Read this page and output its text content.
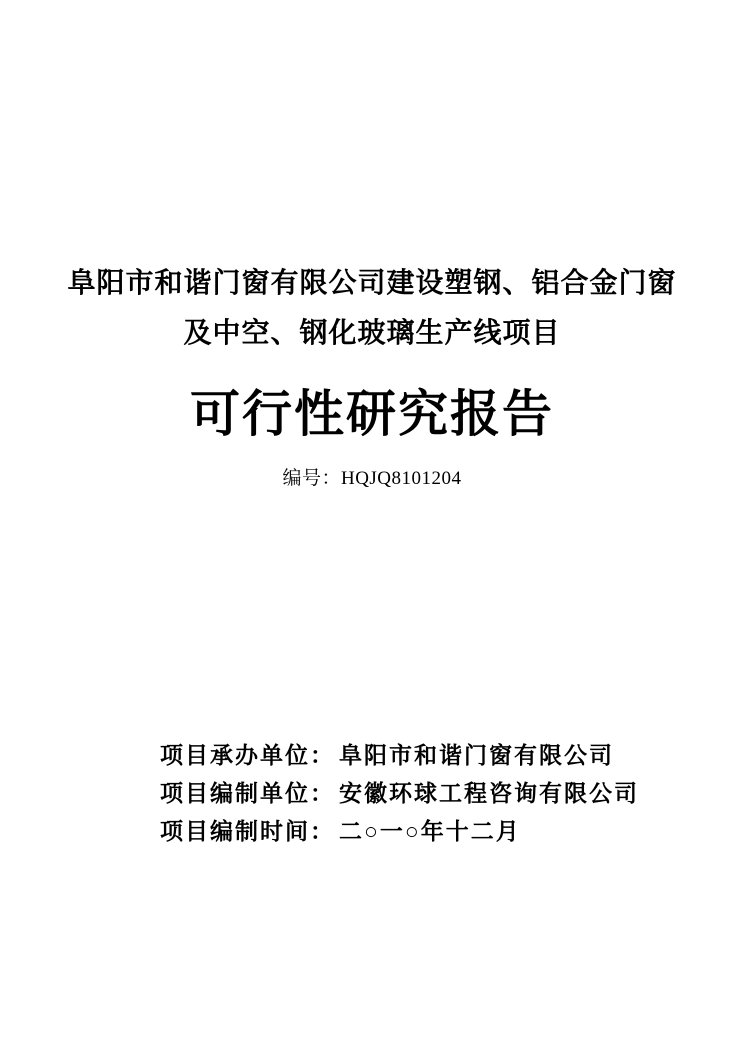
阜阳市和谐门窗有限公司建设塑钢、铝合金门窗
及中空、钢化玻璃生产线项目
可行性研究报告
编号：HQJQ8101204
项目承办单位： 阜阳市和谐门窗有限公司
项目编制单位： 安徽环球工程咨询有限公司
项目编制时间： 二○一○年十二月
